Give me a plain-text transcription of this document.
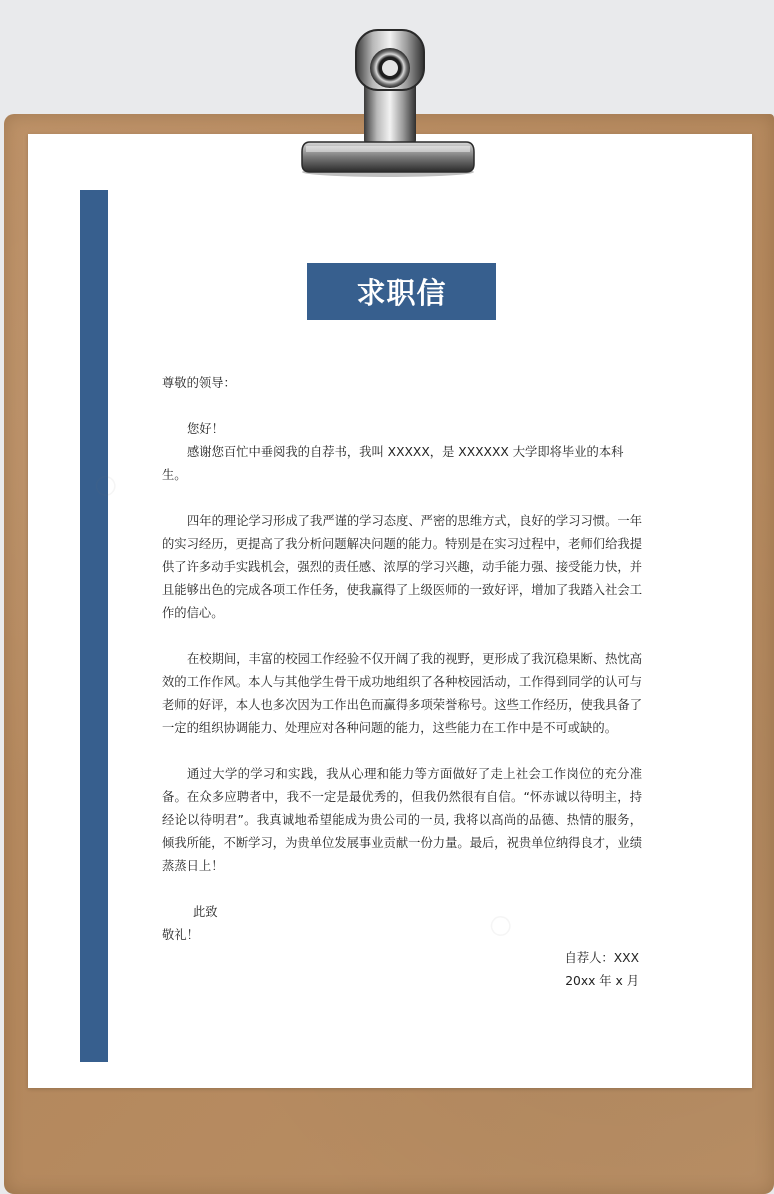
求职信

尊敬的领导：

您好！

感谢您百忙中垂阅我的自荐书，我叫 XXXXX，是 XXXXXX 大学即将毕业的本科生。

四年的理论学习形成了我严谨的学习态度、严密的思维方式，良好的学习习惯。一年的实习经历，更提高了我分析问题解决问题的能力。特别是在实习过程中，老师们给我提供了许多动手实践机会，强烈的责任感、浓厚的学习兴趣，动手能力强、接受能力快，并且能够出色的完成各项工作任务，使我赢得了上级医师的一致好评，增加了我踏入社会工作的信心。

在校期间，丰富的校园工作经验不仅开阔了我的视野，更形成了我沉稳果断、热忱高效的工作作风。本人与其他学生骨干成功地组织了各种校园活动，工作得到同学的认可与老师的好评，本人也多次因为工作出色而赢得多项荣誉称号。这些工作经历，使我具备了一定的组织协调能力、处理应对各种问题的能力，这些能力在工作中是不可或缺的。

通过大学的学习和实践，我从心理和能力等方面做好了走上社会工作岗位的充分准备。在众多应聘者中，我不一定是最优秀的，但我仍然很有自信。“怀赤诚以待明主，持经论以待明君”。我真诚地希望能成为贵公司的一员, 我将以高尚的品德、热情的服务，倾我所能，不断学习，为贵单位发展事业贡献一份力量。最后，祝贵单位纳得良才，业绩蒸蒸日上！

此致

敬礼！

自荐人：XXX

20xx 年 x 月

○
○
